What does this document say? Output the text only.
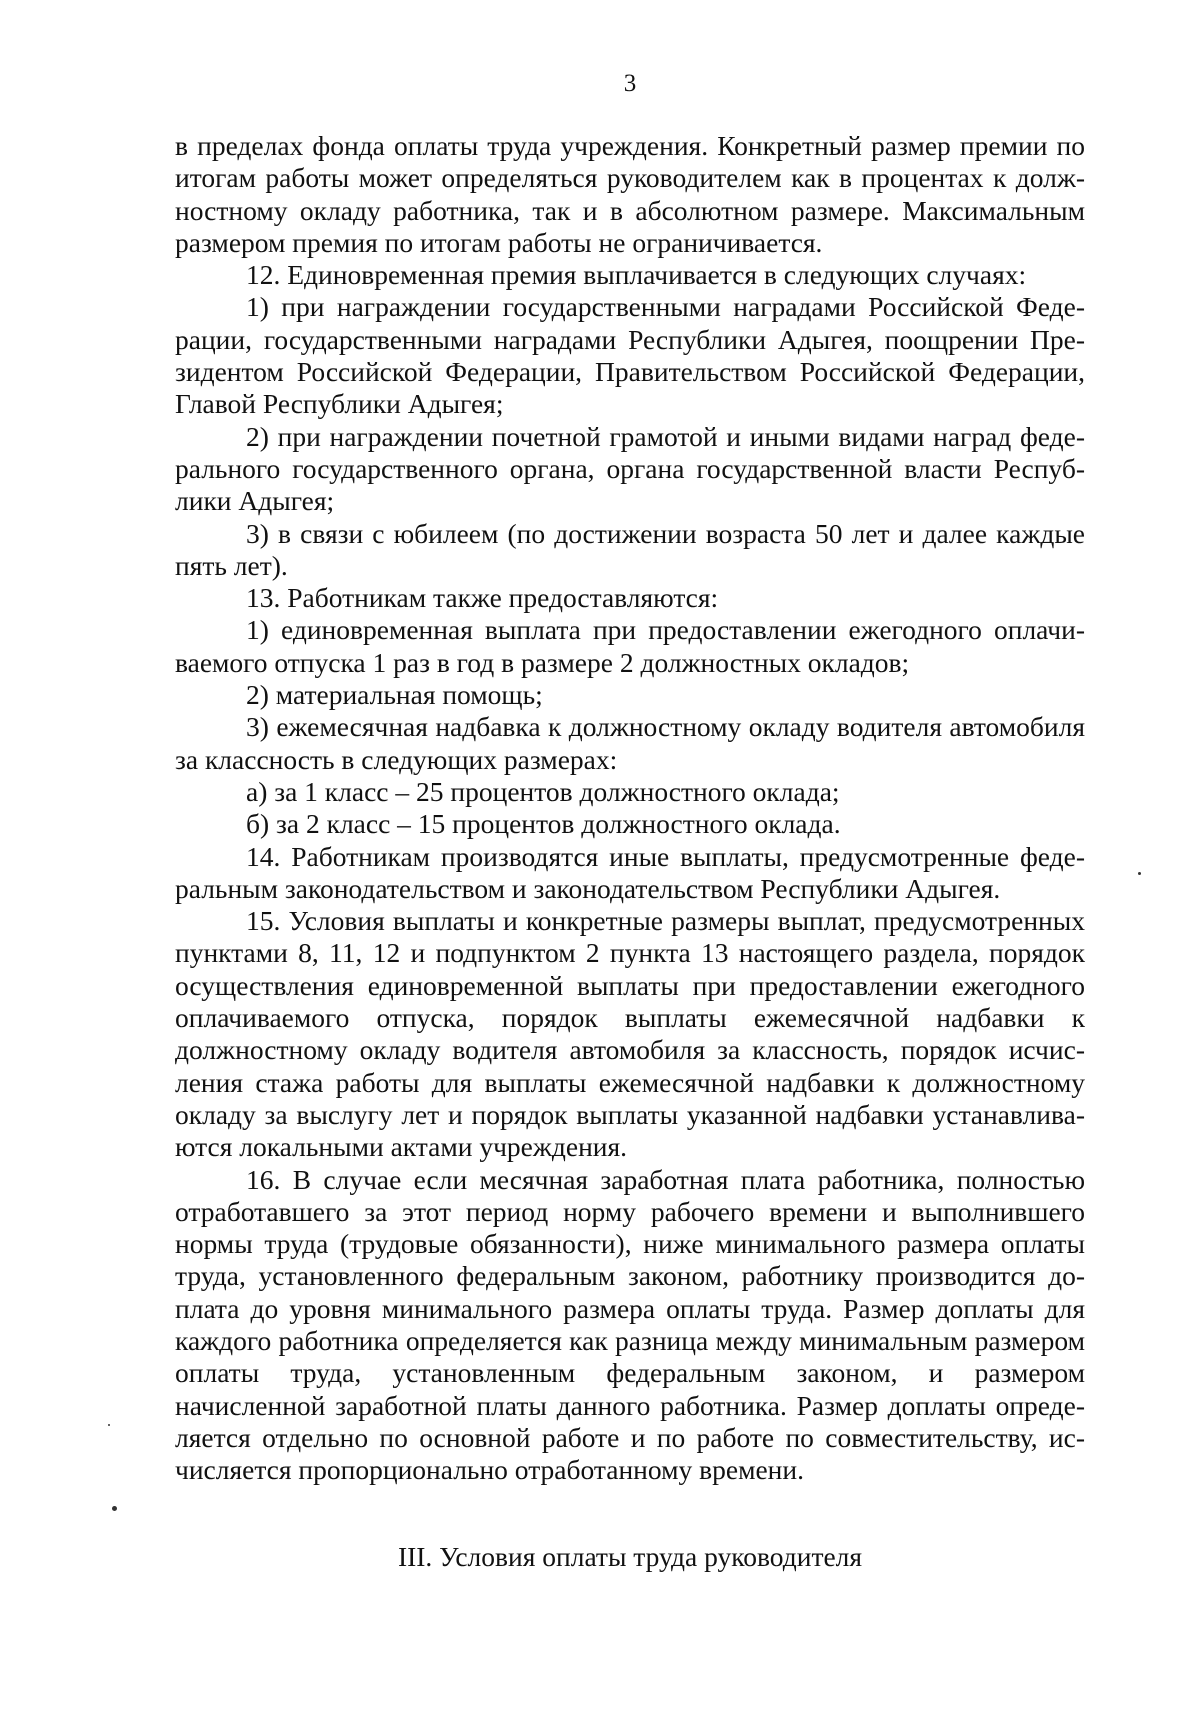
3

в пределах фонда оплаты труда учреждения. Конкретный размер премии по итогам работы может определяться руководителем как в процентах к должностному окладу работника, так и в абсолютном размере. Максимальным размером премия по итогам работы не ограничивается.

12. Единовременная премия выплачивается в следующих случаях:

1) при награждении государственными наградами Российской Федерации, государственными наградами Республики Адыгея, поощрении Президентом Российской Федерации, Правительством Российской Федерации, Главой Республики Адыгея;

2) при награждении почетной грамотой и иными видами наград федерального государственного органа, органа государственной власти Республики Адыгея;

3) в связи с юбилеем (по достижении возраста 50 лет и далее каждые пять лет).

13. Работникам также предоставляются:

1) единовременная выплата при предоставлении ежегодного оплачиваемого отпуска 1 раз в год в размере 2 должностных окладов;

2) материальная помощь;

3) ежемесячная надбавка к должностному окладу водителя автомобиля за классность в следующих размерах:

а) за 1 класс – 25 процентов должностного оклада;

б) за 2 класс – 15 процентов должностного оклада.

14. Работникам производятся иные выплаты, предусмотренные федеральным законодательством и законодательством Республики Адыгея.

15. Условия выплаты и конкретные размеры выплат, предусмотренных пунктами 8, 11, 12 и подпунктом 2 пункта 13 настоящего раздела, порядок осуществления единовременной выплаты при предоставлении ежегодного оплачиваемого отпуска, порядок выплаты ежемесячной надбавки к должностному окладу водителя автомобиля за классность, порядок исчисления стажа работы для выплаты ежемесячной надбавки к должностному окладу за выслугу лет и порядок выплаты указанной надбавки устанавливаются локальными актами учреждения.

16. В случае если месячная заработная плата работника, полностью отработавшего за этот период норму рабочего времени и выполнившего нормы труда (трудовые обязанности), ниже минимального размера оплаты труда, установленного федеральным законом, работнику производится доплата до уровня минимального размера оплаты труда. Размер доплаты для каждого работника определяется как разница между минимальным размером оплаты труда, установленным федеральным законом, и размером начисленной заработной платы данного работника. Размер доплаты определяется отдельно по основной работе и по работе по совместительству, исчисляется пропорционально отработанному времени.

III. Условия оплаты труда руководителя
